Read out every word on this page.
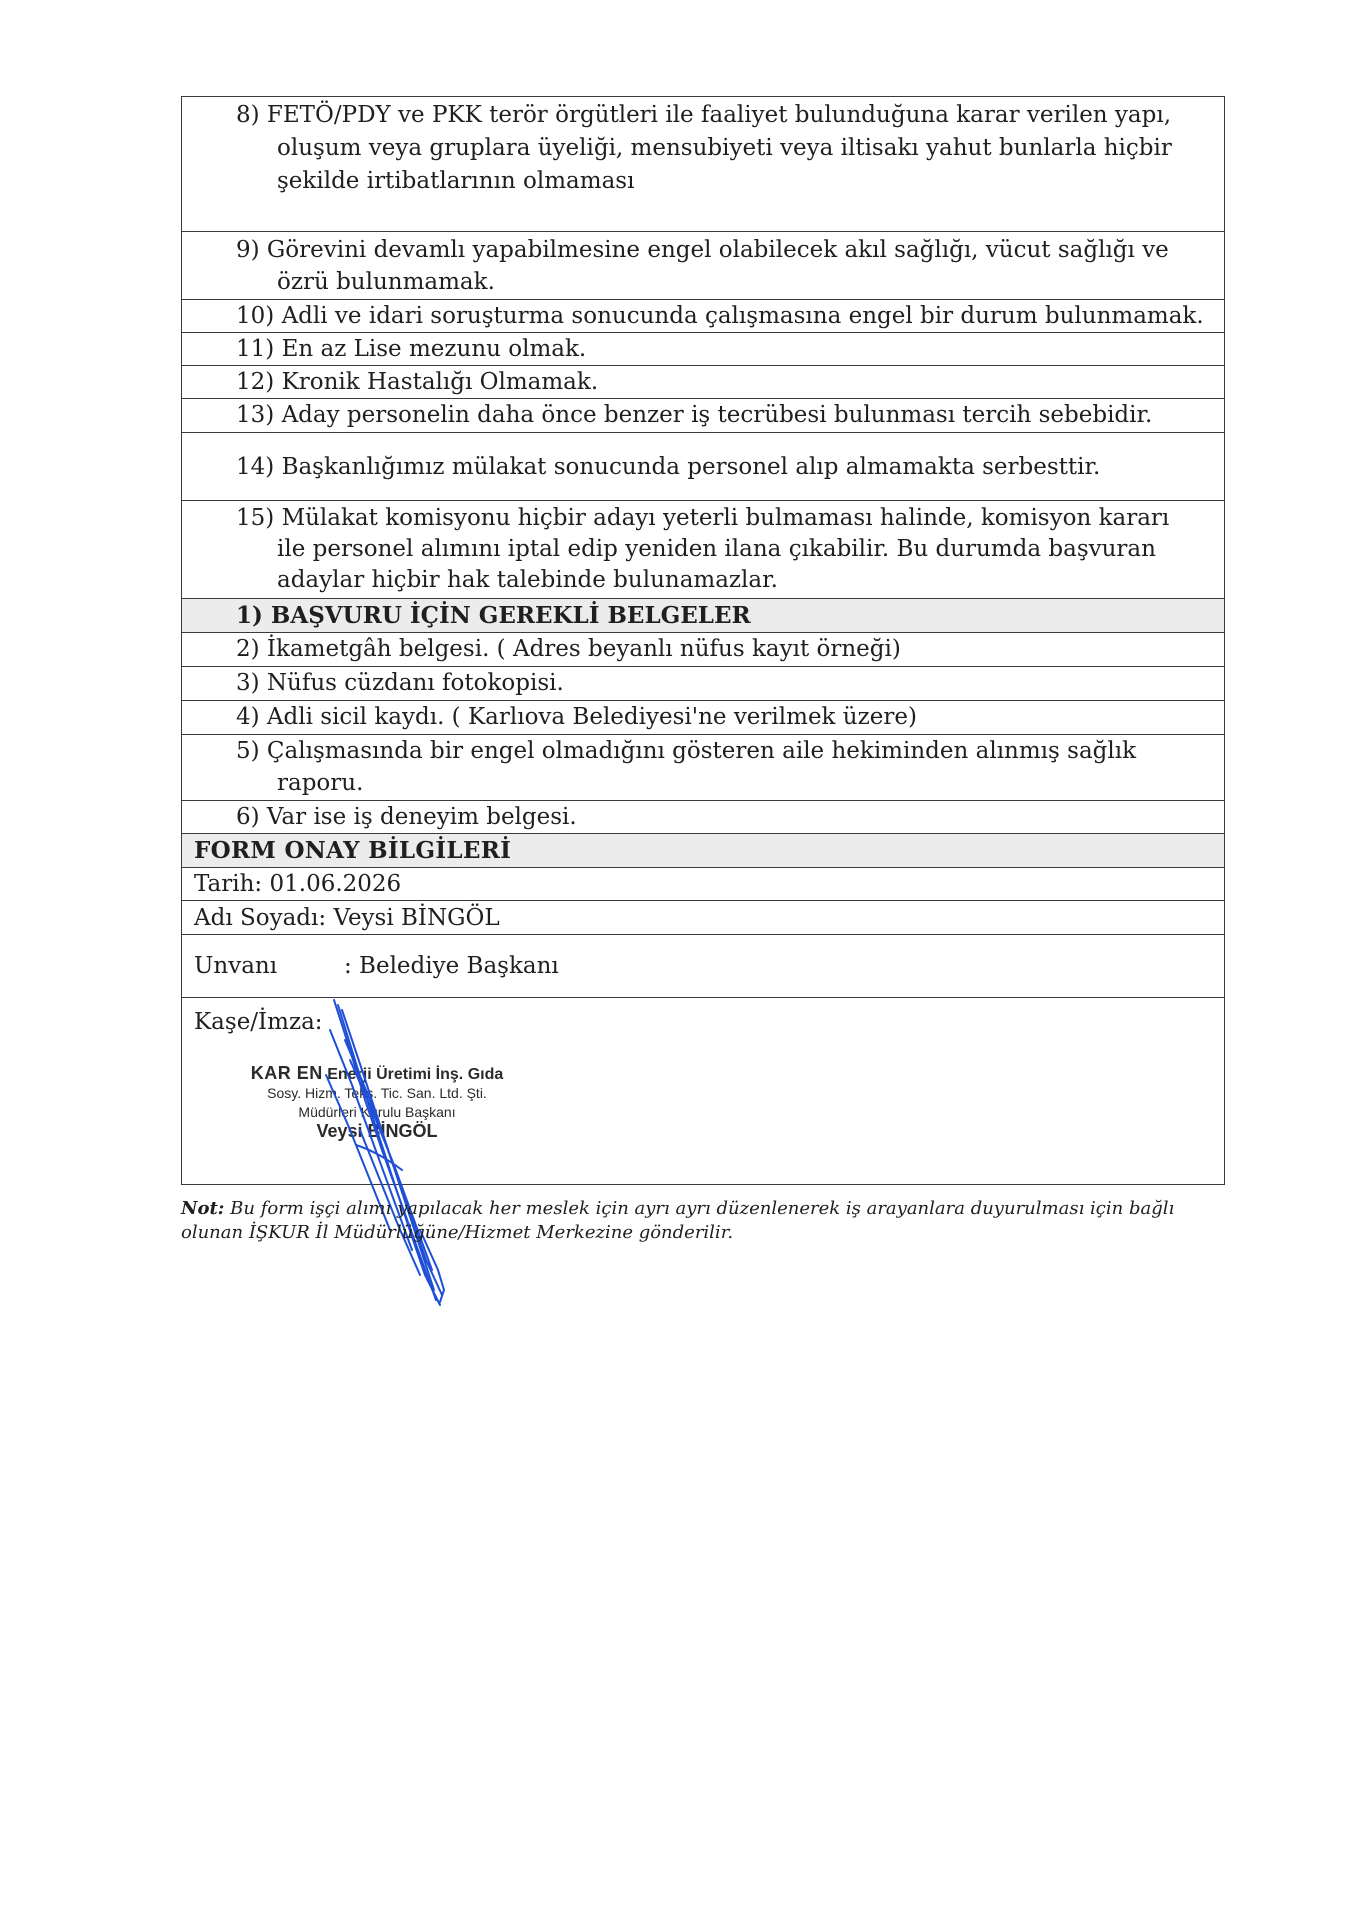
8) FETÖ/PDY ve PKK terör örgütleri ile faaliyet bulunduğuna karar verilen yapı,
oluşum veya gruplara üyeliği, mensubiyeti veya iltisakı yahut bunlarla hiçbir
şekilde irtibatlarının olmaması
9) Görevini devamlı yapabilmesine engel olabilecek akıl sağlığı, vücut sağlığı ve
özrü bulunmamak.
10) Adli ve idari soruşturma sonucunda çalışmasına engel bir durum bulunmamak.
11) En az Lise mezunu olmak.
12) Kronik Hastalığı Olmamak.
13) Aday personelin daha önce benzer iş tecrübesi bulunması tercih sebebidir.
14) Başkanlığımız mülakat sonucunda personel alıp almamakta serbesttir.
15) Mülakat komisyonu hiçbir adayı yeterli bulmaması halinde, komisyon kararı
ile personel alımını iptal edip yeniden ilana çıkabilir. Bu durumda başvuran
adaylar hiçbir hak talebinde bulunamazlar.
1) BAŞVURU İÇİN GEREKLİ BELGELER
2) İkametgâh belgesi. ( Adres beyanlı nüfus kayıt örneği)
3) Nüfus cüzdanı fotokopisi.
4) Adli sicil kaydı. ( Karlıova Belediyesi'ne verilmek üzere)
5) Çalışmasında bir engel olmadığını gösteren aile hekiminden alınmış sağlık
raporu.
6) Var ise iş deneyim belgesi.
FORM ONAY BİLGİLERİ
Tarih: 01.06.2026
Adı Soyadı: Veysi BİNGÖL
Unvanı	: Belediye Başkanı
Kaşe/İmza:
KAR EN Enerji Üretimi İnş. Gıda
Sosy. Hizm. Teks. Tic. San. Ltd. Şti.
Müdürleri Kurulu Başkanı
Veysi BİNGÖL
Not: Bu form işçi alımı yapılacak her meslek için ayrı ayrı düzenlenerek iş arayanlara duyurulması için bağlı olunan İŞKUR İl Müdürlüğüne/Hizmet Merkezine gönderilir.
